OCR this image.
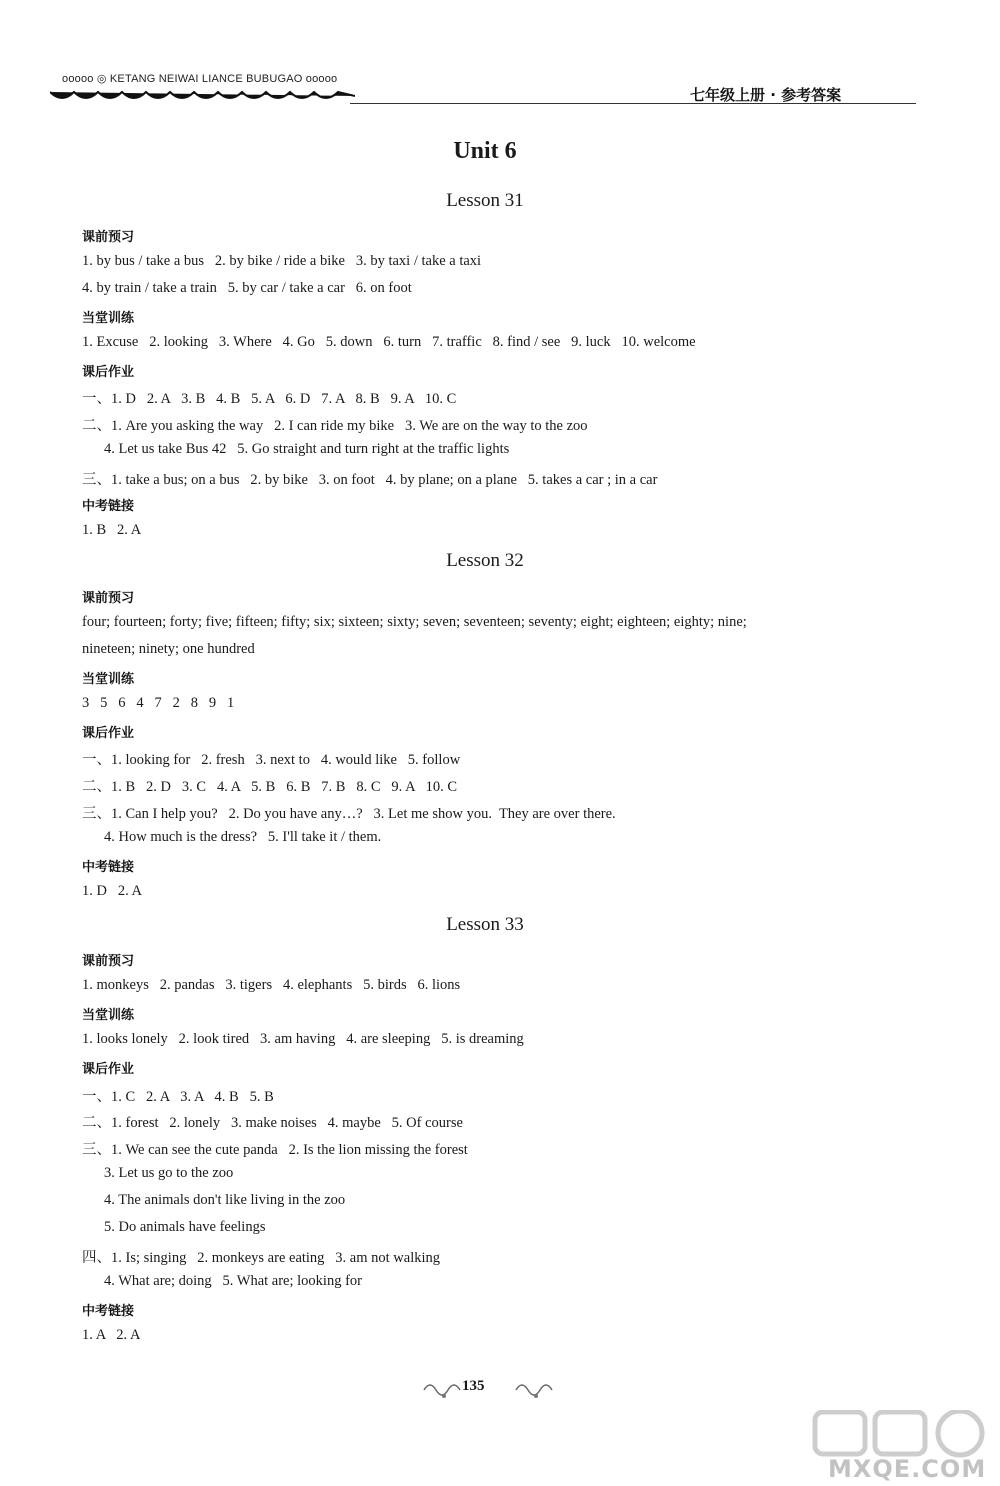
ooooo ◎ KETANG NEIWAI LIANCE BUBUGAO ooooo
七年级上册 · 参考答案
Unit 6
Lesson 31
课前预习
1. by bus / take a bus   2. by bike / ride a bike   3. by taxi / take a taxi
4. by train / take a train   5. by car / take a car   6. on foot
当堂训练
1. Excuse   2. looking   3. Where   4. Go   5. down   6. turn   7. traffic   8. find / see   9. luck   10. welcome
课后作业
一、1. D   2. A   3. B   4. B   5. A   6. D   7. A   8. B   9. A   10. C
二、1. Are you asking the way   2. I can ride my bike   3. We are on the way to the zoo
4. Let us take Bus 42   5. Go straight and turn right at the traffic lights
三、1. take a bus; on a bus   2. by bike   3. on foot   4. by plane; on a plane   5. takes a car ; in a car
中考链接
1. B   2. A
Lesson 32
课前预习
four; fourteen; forty; five; fifteen; fifty; six; sixteen; sixty; seven; seventeen; seventy; eight; eighteen; eighty; nine;
nineteen; ninety; one hundred
当堂训练
3   5   6   4   7   2   8   9   1
课后作业
一、1. looking for   2. fresh   3. next to   4. would like   5. follow
二、1. B   2. D   3. C   4. A   5. B   6. B   7. B   8. C   9. A   10. C
三、1. Can I help you?   2. Do you have any…?   3. Let me show you.  They are over there.
4. How much is the dress?   5. I'll take it / them.
中考链接
1. D   2. A
Lesson 33
课前预习
1. monkeys   2. pandas   3. tigers   4. elephants   5. birds   6. lions
当堂训练
1. looks lonely   2. look tired   3. am having   4. are sleeping   5. is dreaming
课后作业
一、1. C   2. A   3. A   4. B   5. B
二、1. forest   2. lonely   3. make noises   4. maybe   5. Of course
三、1. We can see the cute panda   2. Is the lion missing the forest
3. Let us go to the zoo
4. The animals don't like living in the zoo
5. Do animals have feelings
四、1. Is; singing   2. monkeys are eating   3. am not walking
4. What are; doing   5. What are; looking for
中考链接
1. A   2. A
135
MXQE.COM
